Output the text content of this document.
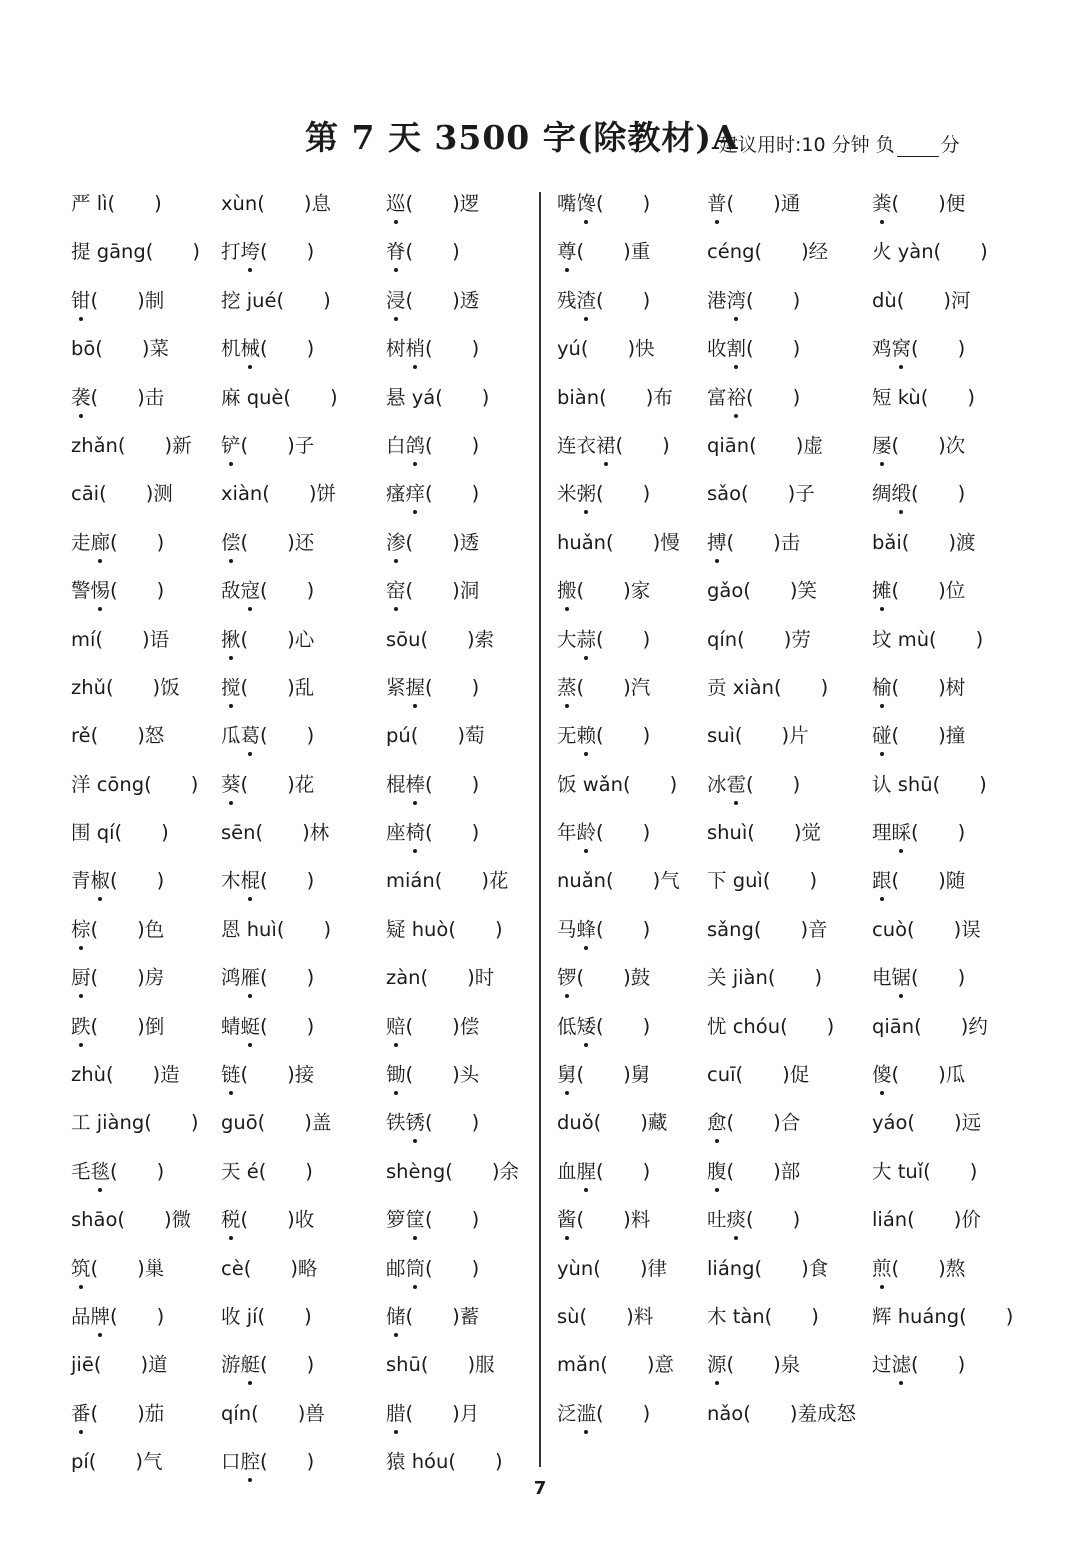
第 7 天 3500 字(除教材)A
建议用时:10 分钟 负 分
严 lì(　　)
提 gāng(　　)
钳(　　)制
bō(　　)菜
袭(　　)击
zhǎn(　　)新
cāi(　　)测
走廊(　　)
警惕(　　)
mí(　　)语
zhǔ(　　)饭
rě(　　)怒
洋 cōng(　　)
围 qí(　　)
青椒(　　)
棕(　　)色
厨(　　)房
跌(　　)倒
zhù(　　)造
工 jiàng(　　)
毛毯(　　)
shāo(　　)微
筑(　　)巢
品牌(　　)
jiē(　　)道
番(　　)茄
pí(　　)气
xùn(　　)息
打垮(　　)
挖 jué(　　)
机械(　　)
麻 què(　　)
铲(　　)子
xiàn(　　)饼
偿(　　)还
敌寇(　　)
揪(　　)心
搅(　　)乱
瓜葛(　　)
葵(　　)花
sēn(　　)林
木棍(　　)
恩 huì(　　)
鸿雁(　　)
蜻蜓(　　)
链(　　)接
guō(　　)盖
天 é(　　)
税(　　)收
cè(　　)略
收 jí(　　)
游艇(　　)
qín(　　)兽
口腔(　　)
巡(　　)逻
脊(　　)
浸(　　)透
树梢(　　)
悬 yá(　　)
白鸽(　　)
瘙痒(　　)
渗(　　)透
窑(　　)洞
sōu(　　)索
紧握(　　)
pú(　　)萄
棍棒(　　)
座椅(　　)
mián(　　)花
疑 huò(　　)
zàn(　　)时
赔(　　)偿
锄(　　)头
铁锈(　　)
shèng(　　)余
箩筐(　　)
邮筒(　　)
储(　　)蓄
shū(　　)服
腊(　　)月
猿 hóu(　　)
嘴馋(　　)
尊(　　)重
残渣(　　)
yú(　　)快
biàn(　　)布
连衣裙(　　)
米粥(　　)
huǎn(　　)慢
搬(　　)家
大蒜(　　)
蒸(　　)汽
无赖(　　)
饭 wǎn(　　)
年龄(　　)
nuǎn(　　)气
马蜂(　　)
锣(　　)鼓
低矮(　　)
舅(　　)舅
duǒ(　　)藏
血腥(　　)
酱(　　)料
yùn(　　)律
sù(　　)料
mǎn(　　)意
泛滥(　　)
普(　　)通
céng(　　)经
港湾(　　)
收割(　　)
富裕(　　)
qiān(　　)虚
sǎo(　　)子
搏(　　)击
gǎo(　　)笑
qín(　　)劳
贡 xiàn(　　)
suì(　　)片
冰雹(　　)
shuì(　　)觉
下 guì(　　)
sǎng(　　)音
关 jiàn(　　)
忧 chóu(　　)
cuī(　　)促
愈(　　)合
腹(　　)部
吐痰(　　)
liáng(　　)食
木 tàn(　　)
源(　　)泉
nǎo(　　)羞成怒
粪(　　)便
火 yàn(　　)
dù(　　)河
鸡窝(　　)
短 kù(　　)
屡(　　)次
绸缎(　　)
bǎi(　　)渡
摊(　　)位
坟 mù(　　)
榆(　　)树
碰(　　)撞
认 shū(　　)
理睬(　　)
跟(　　)随
cuò(　　)误
电锯(　　)
qiān(　　)约
傻(　　)瓜
yáo(　　)远
大 tuǐ(　　)
lián(　　)价
煎(　　)熬
辉 huáng(　　)
过滤(　　)
7
